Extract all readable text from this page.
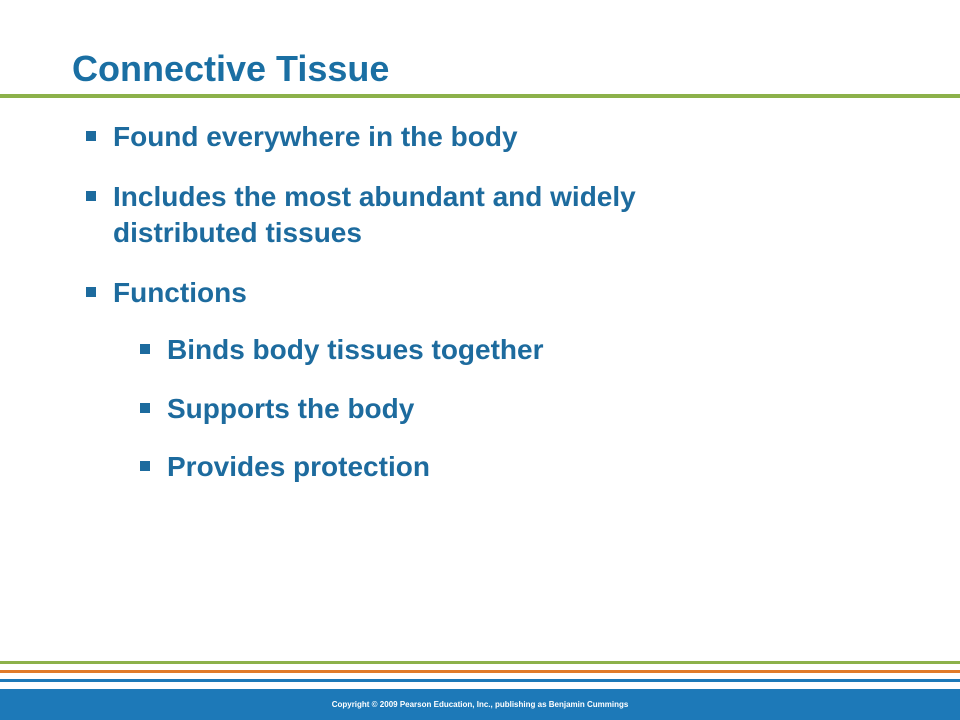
Connective Tissue
Found everywhere in the body
Includes the most abundant and widely
distributed tissues
Functions
Binds body tissues together
Supports the body
Provides protection
Copyright © 2009 Pearson Education, Inc., publishing as Benjamin Cummings
